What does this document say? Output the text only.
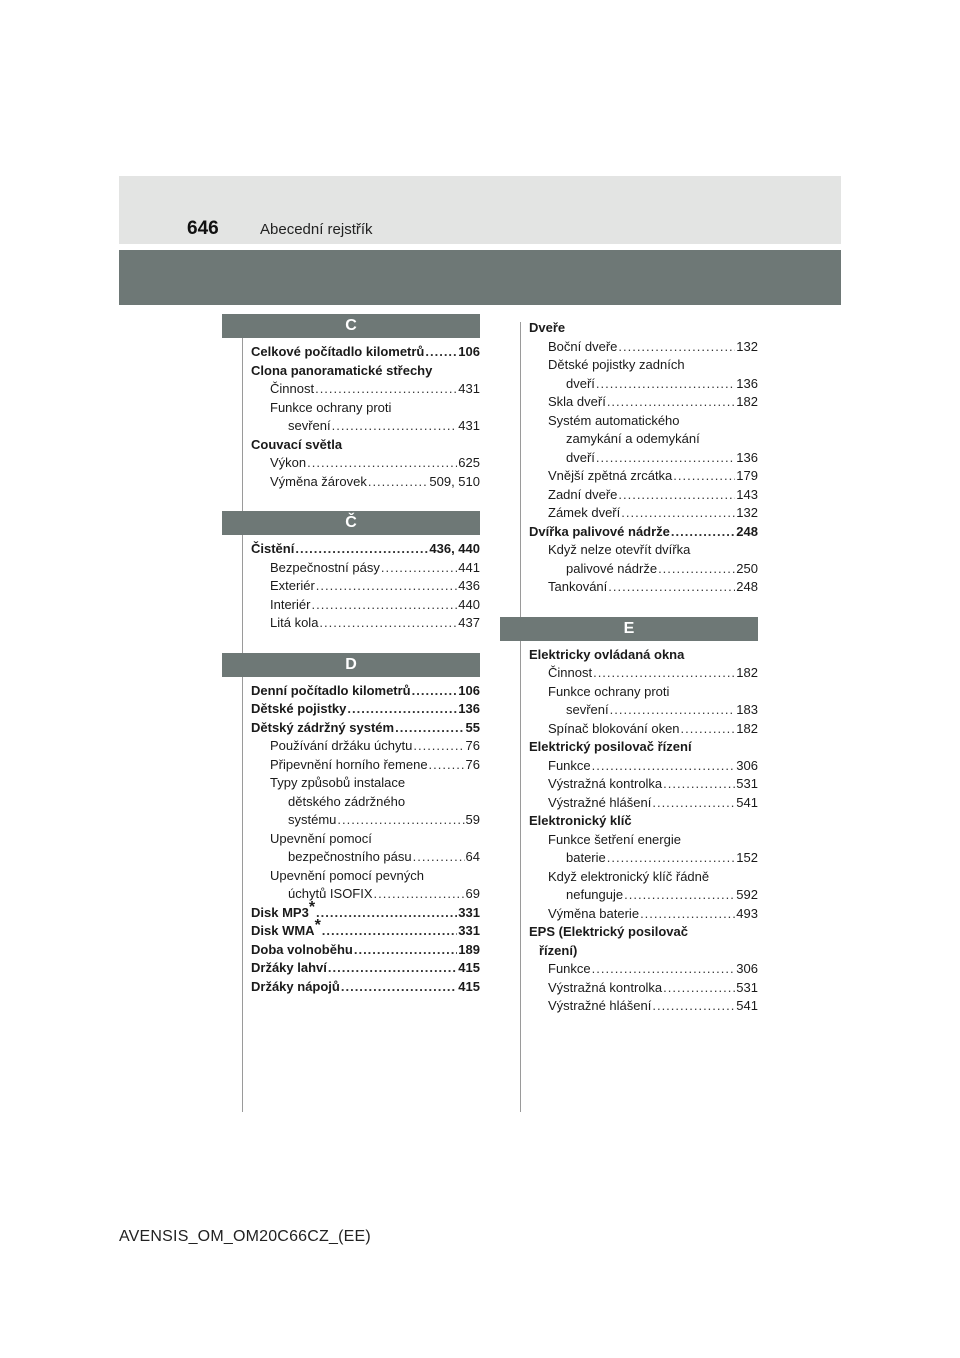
646	Abecední rejstřík
C
Celkové počítadlo kilometrů .....	106
Clona panoramatické střechy
Činnost .....	431
Funkce ochrany proti
sevření .....	431
Couvací světla
Výkon .....	625
Výměna žárovek .....	509, 510
Č
Čistění .....	436, 440
Bezpečnostní pásy .....	441
Exteriér .....	436
Interiér .....	440
Litá kola .....	437
D
Denní počítadlo kilometrů .....	106
Dětské pojistky .....	136
Dětský zádržný systém .....	55
Používání držáku úchytu .....	76
Připevnění horního řemene .....	76
Typy způsobů instalace
dětského zádržného
systému .....	59
Upevnění pomocí
bezpečnostního pásu .....	64
Upevnění pomocí pevných
úchytů ISOFIX .....	69
Disk MP3* .....	331
Disk WMA* .....	331
Doba volnoběhu .....	189
Držáky lahví .....	415
Držáky nápojů .....	415
Dveře
Boční dveře .....	132
Dětské pojistky zadních
dveří .....	136
Skla dveří .....	182
Systém automatického
zamykání a odemykání
dveří .....	136
Vnější zpětná zrcátka .....	179
Zadní dveře .....	143
Zámek dveří .....	132
Dvířka palivové nádrže .....	248
Když nelze otevřít dvířka
palivové nádrže .....	250
Tankování .....	248
E
Elektricky ovládaná okna
Činnost .....	182
Funkce ochrany proti
sevření .....	183
Spínač blokování oken .....	182
Elektrický posilovač řízení
Funkce .....	306
Výstražná kontrolka .....	531
Výstražné hlášení .....	541
Elektronický klíč
Funkce šetření energie
baterie .....	152
Když elektronický klíč řádně
nefunguje .....	592
Výměna baterie .....	493
EPS (Elektrický posilovač
řízení)
Funkce .....	306
Výstražná kontrolka .....	531
Výstražné hlášení .....	541
AVENSIS_OM_OM20C66CZ_(EE)
